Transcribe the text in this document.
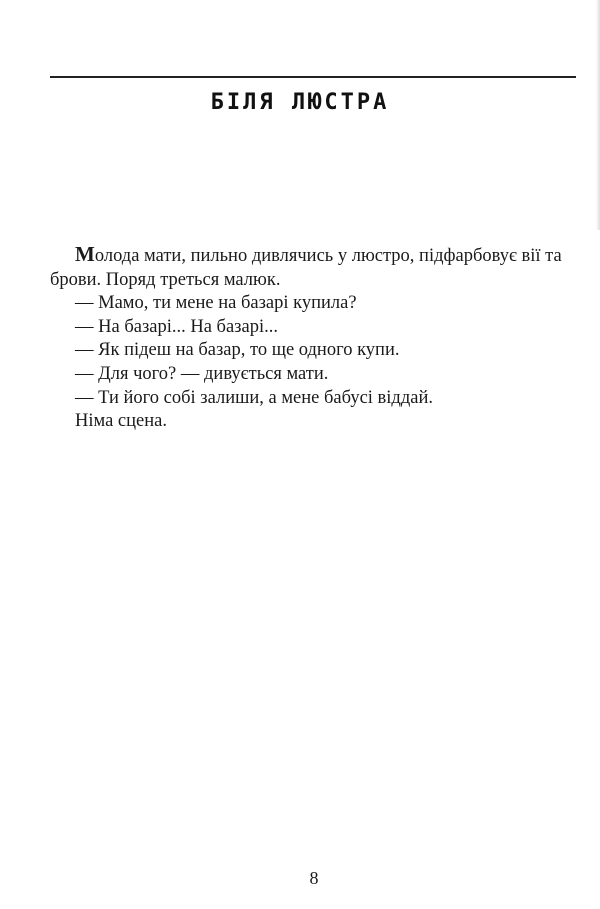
БІЛЯ ЛЮСТРА
Молода мати, пильно дивлячись у люстро, підфарбовує вії та
брови. Поряд треться малюк.
— Мамо, ти мене на базарі купила?
— На базарі... На базарі...
— Як підеш на базар, то ще одного купи.
— Для чого? — дивується мати.
— Ти його собі залиши, а мене бабусі віддай.
Німа сцена.
8
